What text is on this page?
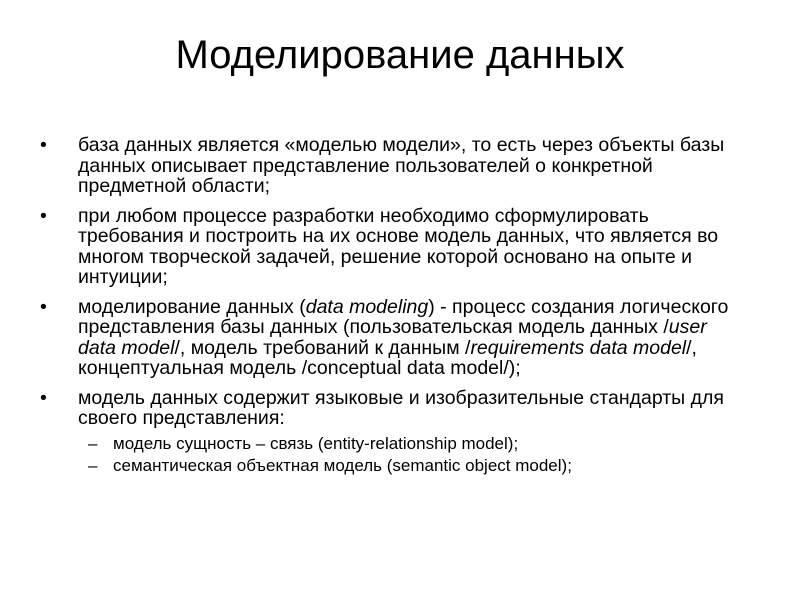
Моделирование данных
•	база данных является «моделью модели», то есть через объекты базы данных описывает представление пользователей о конкретной предметной области;
•	при любом процессе разработки необходимо сформулировать требования и построить на их основе модель данных, что является во многом творческой задачей, решение которой основано на опыте и интуиции;
•	моделирование данных (data modeling) - процесс создания логического представления базы данных (пользовательская модель данных /user data model/, модель требований к данным /requirements data model/, концептуальная модель /conceptual data model/);
•	модель данных содержит языковые и изобразительные стандарты для своего представления:
– модель сущность – связь (entity-relationship model);
– семантическая объектная модель (semantic object model);
